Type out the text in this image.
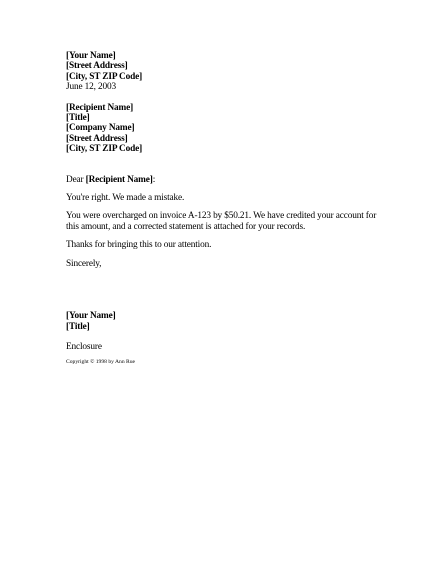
[Your Name]
[Street Address]
[City, ST ZIP Code]
June 12, 2003
[Recipient Name]
[Title]
[Company Name]
[Street Address]
[City, ST ZIP Code]
Dear [Recipient Name]:
You're right. We made a mistake.
You were overcharged on invoice A-123 by $50.21. We have credited your account for
this amount, and a corrected statement is attached for your records.
Thanks for bringing this to our attention.
Sincerely,
[Your Name]
[Title]
Enclosure
Copyright © 1998 by Ann Rue
